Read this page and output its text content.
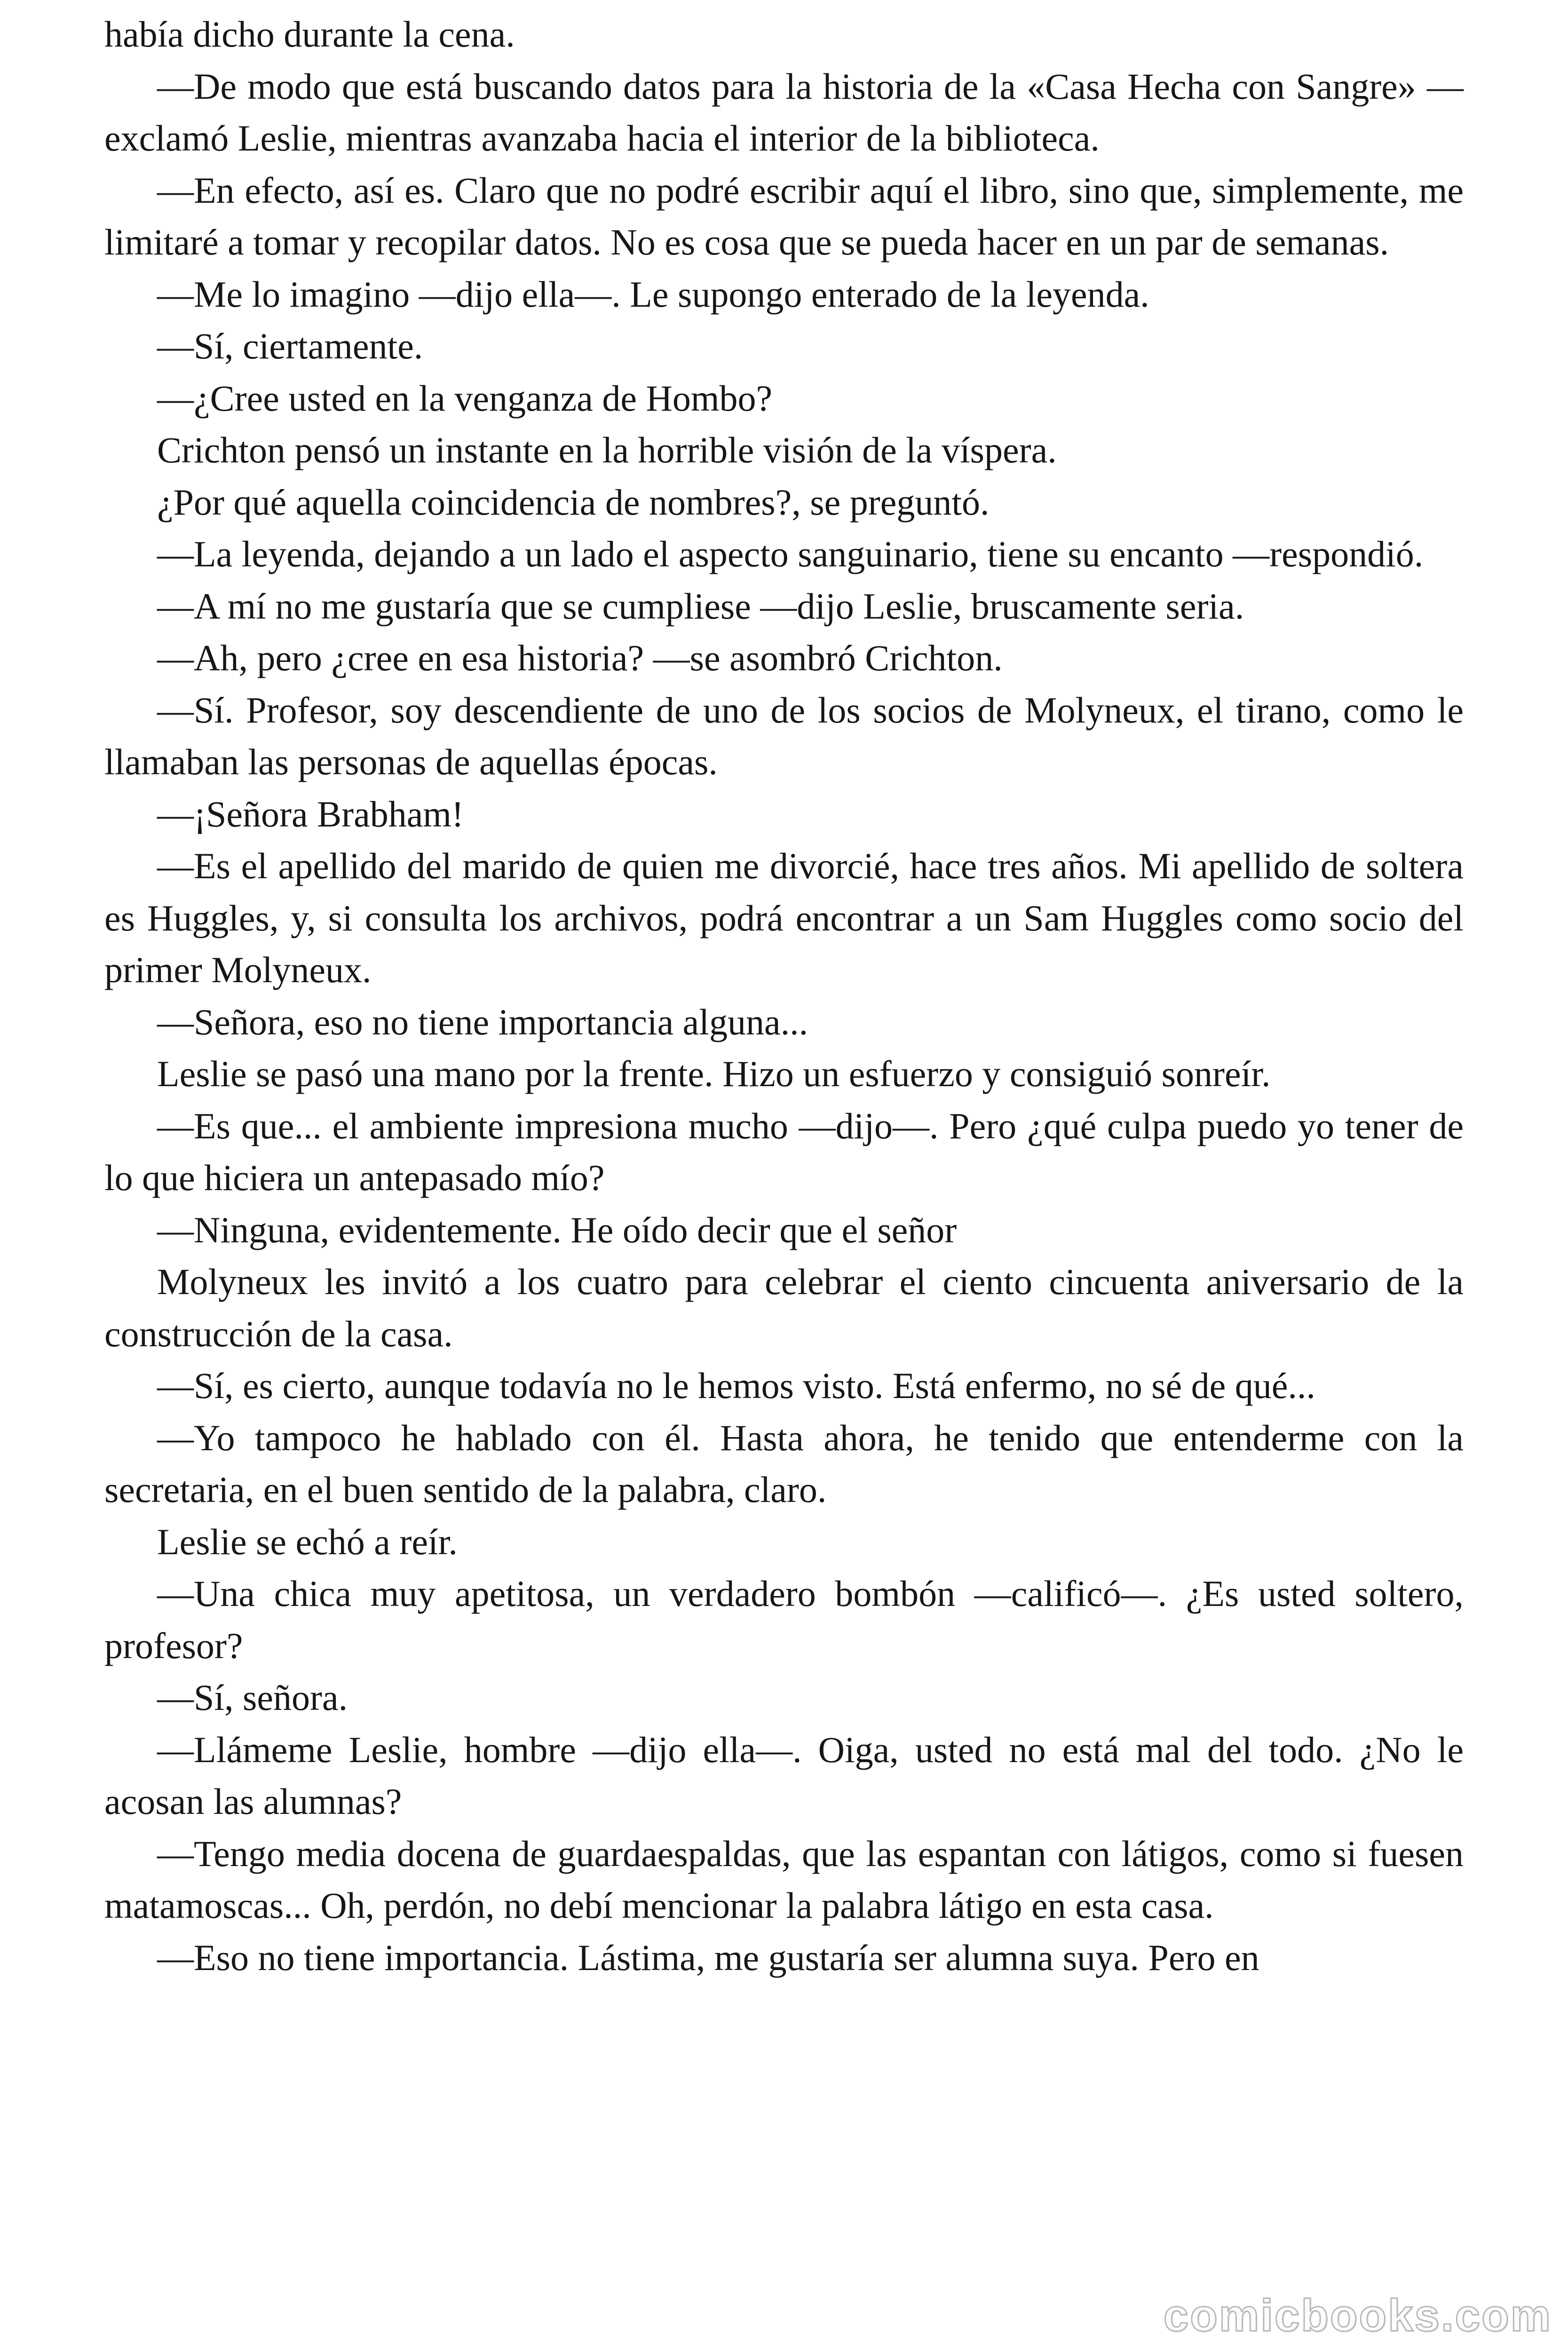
había dicho durante la cena.

—De modo que está buscando datos para la historia de la «Casa Hecha con Sangre» —exclamó Leslie, mientras avanzaba hacia el interior de la biblioteca.

—En efecto, así es. Claro que no podré escribir aquí el libro, sino que, simplemente, me limitaré a tomar y recopilar datos. No es cosa que se pueda hacer en un par de semanas.

—Me lo imagino —dijo ella—. Le supongo enterado de la leyenda.

—Sí, ciertamente.

—¿Cree usted en la venganza de Hombo?

Crichton pensó un instante en la horrible visión de la víspera.

¿Por qué aquella coincidencia de nombres?, se preguntó.

—La leyenda, dejando a un lado el aspecto sanguinario, tiene su encanto —respondió.

—A mí no me gustaría que se cumpliese —dijo Leslie, bruscamente seria.

—Ah, pero ¿cree en esa historia? —se asombró Crichton.

—Sí. Profesor, soy descendiente de uno de los socios de Molyneux, el tirano, como le llamaban las personas de aquellas épocas.

—¡Señora Brabham!

—Es el apellido del marido de quien me divorcié, hace tres años. Mi apellido de soltera es Huggles, y, si consulta los archivos, podrá encontrar a un Sam Huggles como socio del primer Molyneux.

—Señora, eso no tiene importancia alguna...

Leslie se pasó una mano por la frente. Hizo un esfuerzo y consiguió sonreír.

—Es que... el ambiente impresiona mucho —dijo—. Pero ¿qué culpa puedo yo tener de lo que hiciera un antepasado mío?

—Ninguna, evidentemente. He oído decir que el señor

Molyneux les invitó a los cuatro para celebrar el ciento cincuenta aniversario de la construcción de la casa.

—Sí, es cierto, aunque todavía no le hemos visto. Está enfermo, no sé de qué...

—Yo tampoco he hablado con él. Hasta ahora, he tenido que entenderme con la secretaria, en el buen sentido de la palabra, claro.

Leslie se echó a reír.

—Una chica muy apetitosa, un verdadero bombón —calificó—. ¿Es usted soltero, profesor?

—Sí, señora.

—Llámeme Leslie, hombre —dijo ella—. Oiga, usted no está mal del todo. ¿No le acosan las alumnas?

—Tengo media docena de guardaespaldas, que las espantan con látigos, como si fuesen matamoscas... Oh, perdón, no debí mencionar la palabra látigo en esta casa.

—Eso no tiene importancia. Lástima, me gustaría ser alumna suya. Pero en

comicbooks.com
